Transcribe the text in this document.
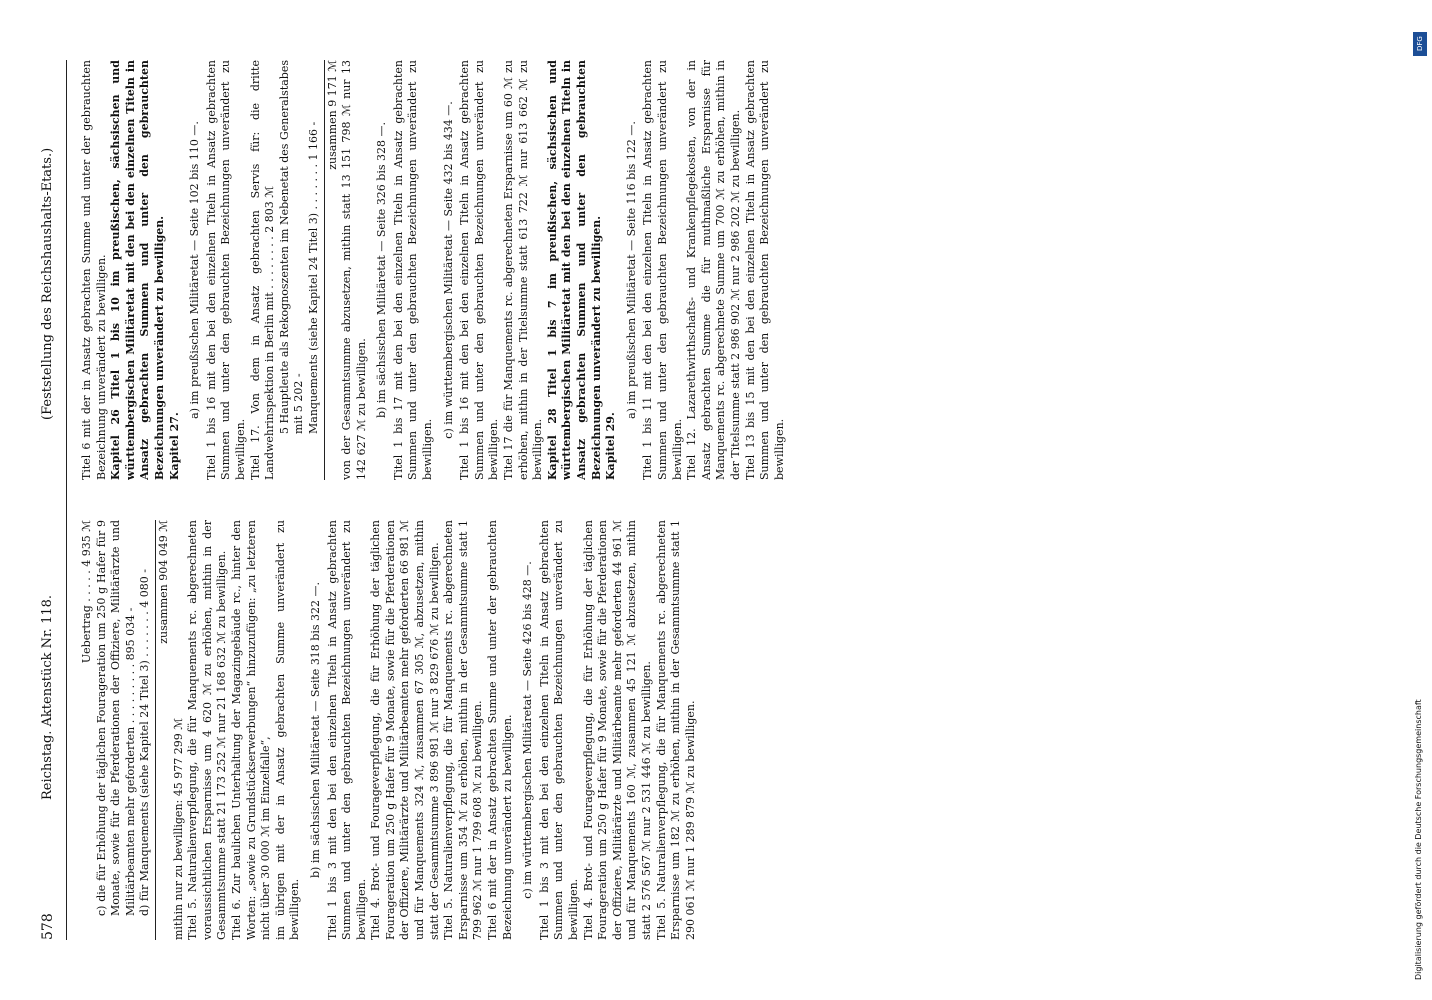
578
Reichstag. Aktenstück Nr. 118.
(Feststellung des Reichshaushalts-Etats.)

Uebertrag . . . . . 4 935 ℳ c) die für Erhöhung der täglichen Fourageration um 250 g Hafer für 9 Monate, sowie für die Pferderationen der Offiziere, Militärärzte und Militärbeamten mehr geforderten . . . . . . . . . 895 034 - d) für Manquements (siehe Kapitel 24 Titel 3) . . . . . . . 4 080 - zusammen 904 049 ℳ

mithin nur zu bewilligen: 45 977 299 ℳ Titel 5. Naturalienverpflegung, die für Manquements rc. abgerechneten voraussichtlichen Ersparnisse um 4 620 ℳ zu erhöhen, mithin in der Gesammtsumme statt 21 173 252 ℳ nur 21 168 632 ℳ zu bewilligen. Titel 6. Zur baulichen Unterhaltung der Magazingebäude rc., hinter den Worten: „sowie zu Grundstückserwerbungen“ hinzuzufügen: „zu letzteren nicht über 30 000 ℳ im Einzelfalle“, im übrigen mit der in Ansatz gebrachten Summe unverändert zu bewilligen.

b) im sächsischen Militäretat — Seite 318 bis 322 —. Titel 1 bis 3 mit den bei den einzelnen Titeln in Ansatz gebrachten Summen und unter den gebrauchten Bezeichnungen unverändert zu bewilligen. Titel 4. Brot- und Fourageverpflegung, die für Erhöhung der täglichen Fourageration um 250 g Hafer für 9 Monate, sowie für die Pferderationen der Offiziere, Militärärzte und Militärbeamten mehr geforderten 66 981 ℳ und für Manquements 324 ℳ, zusammen 67 305 ℳ, abzusetzen, mithin statt der Gesammtsumme 3 896 981 ℳ nur 3 829 676 ℳ zu bewilligen. Titel 5. Naturalienverpflegung, die für Manquements rc. abgerechneten Ersparnisse um 354 ℳ zu erhöhen, mithin in der Gesammtsumme statt 1 799 962 ℳ nur 1 799 608 ℳ zu bewilligen. Titel 6 mit der in Ansatz gebrachten Summe und unter der gebrauchten Bezeichnung unverändert zu bewilligen. c) im württembergischen Militäretat — Seite 426 bis 428 —. Titel 1 bis 3 mit den bei den einzelnen Titeln in Ansatz gebrachten Summen und unter den gebrauchten Bezeichnungen unverändert zu bewilligen. Titel 4. Brot- und Fourageverpflegung, die für Erhöhung der täglichen Fourageration um 250 g Hafer für 9 Monate, sowie für die Pferderationen der Offiziere, Militärärzte und Militärbeamte mehr geforderten 44 961 ℳ und für Manquements 160 ℳ, zusammen 45 121 ℳ abzusetzen, mithin statt 2 576 567 ℳ nur 2 531 446 ℳ zu bewilligen. Titel 5. Naturalienverpflegung, die für Manquements rc. abgerechneten Ersparnisse um 182 ℳ zu erhöhen, mithin in der Gesammtsumme statt 1 290 061 ℳ nur 1 289 879 ℳ zu bewilligen.

Titel 6 mit der in Ansatz gebrachten Summe und unter der gebrauchten Bezeichnung unverändert zu bewilligen. Kapitel 26 Titel 1 bis 10 im preußischen, sächsischen und württembergischen Militäretat mit den bei den einzelnen Titeln in Ansatz gebrachten Summen und unter den gebrauchten Bezeichnungen unverändert zu bewilligen. Kapitel 27.

a) im preußischen Militäretat — Seite 102 bis 110 —. Titel 1 bis 16 mit den bei den einzelnen Titeln in Ansatz gebrachten Summen und unter den gebrauchten Bezeichnungen unverändert zu bewilligen. Titel 17. Von dem in Ansatz gebrachten Servis für: die dritte Landwehrinspektion in Berlin mit . . . . . . . . 2 803 ℳ 5 Hauptleute als Rekognoszenten im Nebenetat des Generalstabes mit 5 202 - Manquements (siehe Kapitel 24 Titel 3) . . . . . . . 1 166 -

zusammen 9 171 ℳ von der Gesammtsumme abzusetzen, mithin statt 13 151 798 ℳ nur 13 142 627 ℳ zu bewilligen. b) im sächsischen Militäretat — Seite 326 bis 328 —. Titel 1 bis 17 mit den bei den einzelnen Titeln in Ansatz gebrachten Summen und unter den gebrauchten Bezeichnungen unverändert zu bewilligen.

c) im württembergischen Militäretat — Seite 432 bis 434 —. Titel 1 bis 16 mit den bei den einzelnen Titeln in Ansatz gebrachten Summen und unter den gebrauchten Bezeichnungen unverändert zu bewilligen. Titel 17 die für Manquements rc. abgerechneten Ersparnisse um 60 ℳ zu erhöhen, mithin in der Titelsumme statt 613 722 ℳ nur 613 662 ℳ zu bewilligen. Kapitel 28 Titel 1 bis 7 im preußischen, sächsischen und württembergischen Militäretat mit den bei den einzelnen Titeln in Ansatz gebrachten Summen und unter den gebrauchten Bezeichnungen unverändert zu bewilligen. Kapitel 29.

a) im preußischen Militäretat — Seite 116 bis 122 —. Titel 1 bis 11 mit den bei den einzelnen Titeln in Ansatz gebrachten Summen und unter den gebrauchten Bezeichnungen unverändert zu bewilligen. Titel 12. Lazarethwirthschafts- und Krankenpflegekosten, von der in Ansatz gebrachten Summe die für muthmaßliche Ersparnisse für Manquements rc. abgerechnete Summe um 700 ℳ zu erhöhen, mithin in der Titelsumme statt 2 986 902 ℳ nur 2 986 202 ℳ zu bewilligen. Titel 13 bis 15 mit den bei den einzelnen Titeln in Ansatz gebrachten Summen und unter den gebrauchten Bezeichnungen unverändert zu bewilligen.

DFG
Digitalisierung gefördert durch die Deutsche Forschungsgemeinschaft
